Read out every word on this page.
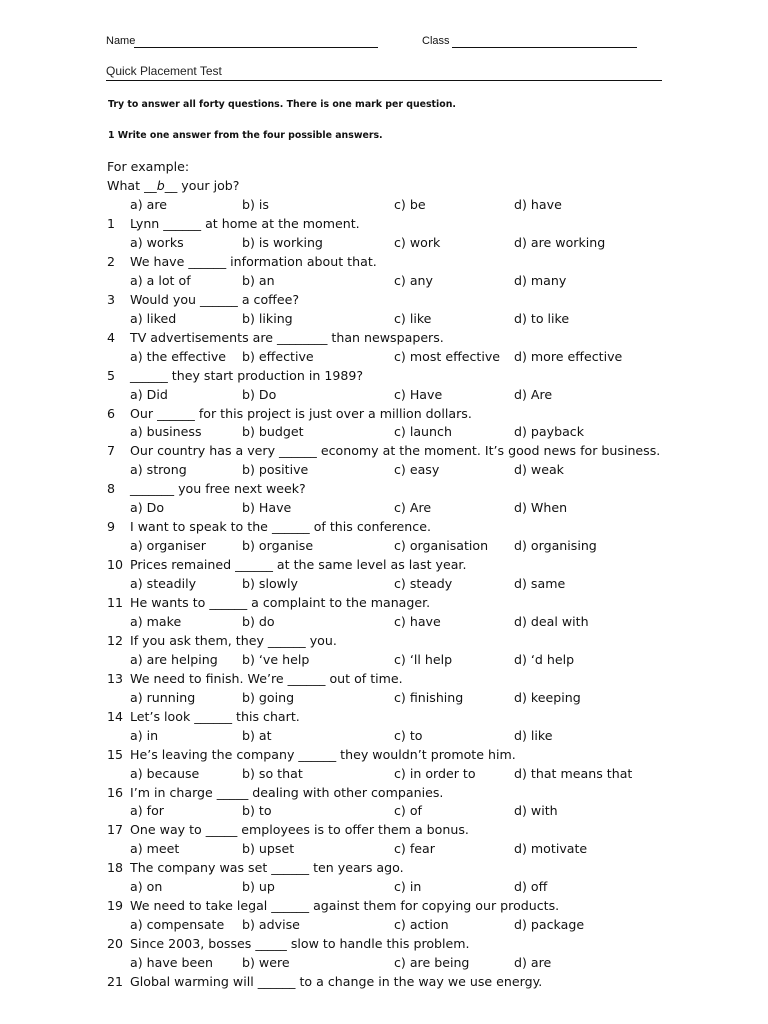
Name	Class
Quick Placement Test
Try to answer all forty questions. There is one mark per question.
1 Write one answer from the four possible answers.
For example:
What __b__ your job?
a) are	b) is	c) be	d) have
1 Lynn ______ at home at the moment.
a) works	b) is working	c) work	d) are working
2 We have ______ information about that.
a) a lot of	b) an	c) any	d) many
3 Would you ______ a coffee?
a) liked	b) liking	c) like	d) to like
4 TV advertisements are ________ than newspapers.
a) the effective b) effective	c) most effective d) more effective
5 ______ they start production in 1989?
a) Did	b) Do	c) Have	d) Are
6 Our ______ for this project is just over a million dollars.
a) business	b) budget	c) launch	d) payback
7 Our country has a very ______ economy at the moment. It’s good news for business.
a) strong	b) positive	c) easy	d) weak
8 _______ you free next week?
a) Do	b) Have	c) Are	d) When
9 I want to speak to the ______ of this conference.
a) organiser	b) organise	c) organisation d) organising
10 Prices remained ______ at the same level as last year.
a) steadily	b) slowly	c) steady	d) same
11 He wants to ______ a complaint to the manager.
a) make	b) do	c) have	d) deal with
12 If you ask them, they ______ you.
a) are helping b) ‘ve help	c) ‘ll help	d) ‘d help
13 We need to finish. We’re ______ out of time.
a) running	b) going	c) finishing	d) keeping
14 Let’s look ______ this chart.
a) in	b) at	c) to	d) like
15 He’s leaving the company ______ they wouldn’t promote him.
a) because	b) so that	c) in order to	d) that means that
16 I’m in charge _____ dealing with other companies.
a) for	b) to	c) of	d) with
17 One way to _____ employees is to offer them a bonus.
a) meet	b) upset	c) fear	d) motivate
18 The company was set ______ ten years ago.
a) on	b) up	c) in	d) off
19 We need to take legal ______ against them for copying our products.
a) compensate b) advise	c) action	d) package
20 Since 2003, bosses _____ slow to handle this problem.
a) have been b) were	c) are being	d) are
21 Global warming will ______ to a change in the way we use energy.
